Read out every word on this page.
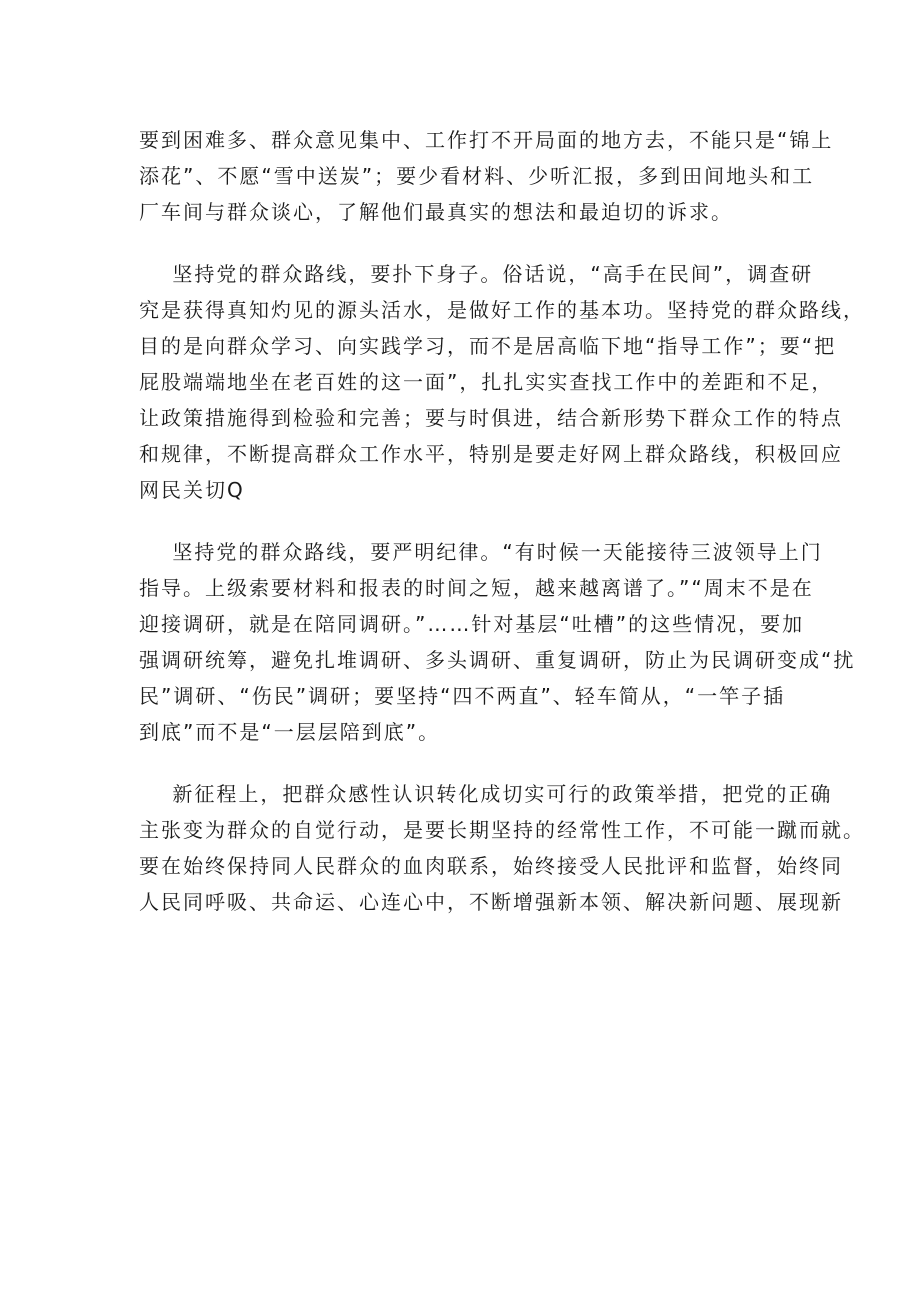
要到困难多、群众意见集中、工作打不开局面的地方去，不能只是“锦上
添花”、不愿“雪中送炭”；要少看材料、少听汇报，多到田间地头和工
厂车间与群众谈心，了解他们最真实的想法和最迫切的诉求。
坚持党的群众路线，要扑下身子。俗话说，“高手在民间”，调查研
究是获得真知灼见的源头活水，是做好工作的基本功。坚持党的群众路线，
目的是向群众学习、向实践学习，而不是居高临下地“指导工作”；要“把
屁股端端地坐在老百姓的这一面”，扎扎实实查找工作中的差距和不足，
让政策措施得到检验和完善；要与时俱进，结合新形势下群众工作的特点
和规律，不断提高群众工作水平，特别是要走好网上群众路线，积极回应
网民关切Q
坚持党的群众路线，要严明纪律。“有时候一天能接待三波领导上门
指导。上级索要材料和报表的时间之短，越来越离谱了。”“周末不是在
迎接调研，就是在陪同调研。”……针对基层“吐槽”的这些情况，要加
强调研统筹，避免扎堆调研、多头调研、重复调研，防止为民调研变成“扰
民”调研、“伤民”调研；要坚持“四不两直”、轻车简从，“一竿子插
到底”而不是“一层层陪到底”。
新征程上，把群众感性认识转化成切实可行的政策举措，把党的正确
主张变为群众的自觉行动，是要长期坚持的经常性工作，不可能一蹴而就。
要在始终保持同人民群众的血肉联系，始终接受人民批评和监督，始终同
人民同呼吸、共命运、心连心中，不断增强新本领、解决新问题、展现新
